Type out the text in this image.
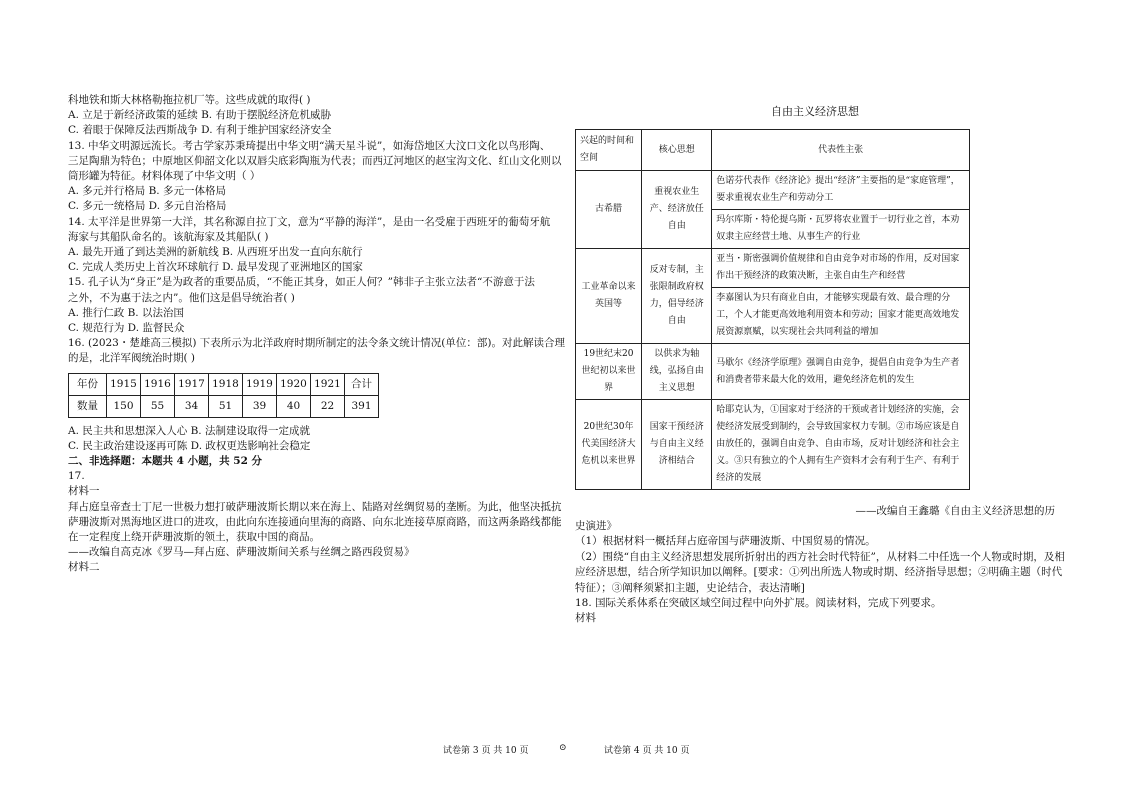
科地铁和斯大林格勒拖拉机厂等。这些成就的取得( )
A. 立足于新经济政策的延续 B. 有助于摆脱经济危机威胁
C. 着眼于保障反法西斯战争 D. 有利于维护国家经济安全
13. 中华文明源远流长。考古学家苏秉琦提出中华文明“满天星斗说”，如海岱地区大汶口文化以鸟形陶、
三足陶鼎为特色；中原地区仰韶文化以双唇尖底彩陶瓶为代表；而西辽河地区的赵宝沟文化、红山文化则以
筒形罐为特征。材料体现了中华文明（ ）
A. 多元并行格局 B. 多元一体格局
C. 多元一统格局 D. 多元自治格局
14. 太平洋是世界第一大洋，其名称源自拉丁文，意为“平静的海洋”，是由一名受雇于西班牙的葡萄牙航
海家与其船队命名的。该航海家及其船队( )
A. 最先开通了到达美洲的新航线 B. 从西班牙出发一直向东航行
C. 完成人类历史上首次环球航行 D. 最早发现了亚洲地区的国家
15. 孔子认为“身正”是为政者的重要品质，“不能正其身，如正人何？”韩非子主张立法者“不游意于法
之外，不为惠于法之内”。他们这是倡导统治者( )
A. 推行仁政 B. 以法治国
C. 规范行为 D. 监督民众
16. (2023・楚雄高三模拟) 下表所示为北洋政府时期所制定的法令条文统计情况(单位：部)。对此解读合理
的是，北洋军阀统治时期( )
年份	1915	1916	1917	1918	1919	1920	1921	合计
数量	150	55	34	51	39	40	22	391
A. 民主共和思想深入人心 B. 法制建设取得一定成就
C. 民主政治建设逐再可陈 D. 政权更迭影响社会稳定
二、非选择题：本题共 4 小题，共 52 分
17.
材料一
拜占庭皇帝查士丁尼一世极力想打破萨珊波斯长期以来在海上、陆路对丝绸贸易的垄断。为此，他坚决抵抗
萨珊波斯对黑海地区进口的进攻，由此向东连接通向里海的商路、向东北连接草原商路，而这两条路线都能
在一定程度上绕开萨珊波斯的领土，获取中国的商品。
——改编自高克冰《罗马—拜占庭、萨珊波斯间关系与丝绸之路西段贸易》
材料二
自由主义经济思想
兴起的时间和空间	核心思想	代表性主张
古希腊	重视农业生产、经济放任自由	色诺芬代表作《经济论》提出“经济”主要指的是“家庭管理”，要求重视农业生产和劳动分工
		玛尔库斯・特伦提乌斯・瓦罗将农业置于一切行业之首，本劝奴隶主应经营土地、从事生产的行业
工业革命以来英国等	反对专制，主张限制政府权力，倡导经济自由	亚当・斯密强调价值规律和自由竞争对市场的作用，反对国家作出干预经济的政策决断，主张自由生产和经营
		李嘉图认为只有商业自由，才能够实现最有效、最合理的分工，个人才能更高效地利用资本和劳动；国家才能更高效地发展资源禀赋，以实现社会共同利益的增加
19世纪末20世纪初以来世界	以供求为轴线，弘扬自由主义思想	马歇尔《经济学原理》强调自由竞争，提倡自由竞争为生产者和消费者带来最大化的效用，避免经济危机的发生
20世纪30年代美国经济大危机以来世界	国家干预经济与自由主义经济相结合	哈耶克认为，①国家对于经济的干预或者计划经济的实施，会使经济发展受到制约，会导致国家权力专制。②市场应该是自由放任的，强调自由竞争、自由市场，反对计划经济和社会主义。③只有独立的个人拥有生产资料才会有利于生产、有利于经济的发展
——改编自王鑫璐《自由主义经济思想的历
史演进》
（1）根据材料一概括拜占庭帝国与萨珊波斯、中国贸易的情况。
（2）围绕“自由主义经济思想发展所折射出的西方社会时代特征”，从材料二中任选一个人物或时期，及相
应经济思想，结合所学知识加以阐释。[要求：①列出所选人物或时期、经济指导思想；②明确主题（时代
特征）；③阐释须紧扣主题，史论结合，表达清晰]
18. 国际关系体系在突破区域空间过程中向外扩展。阅读材料，完成下列要求。
材料
试卷第 3 页 共 10 页	⊙	试卷第 4 页 共 10 页
